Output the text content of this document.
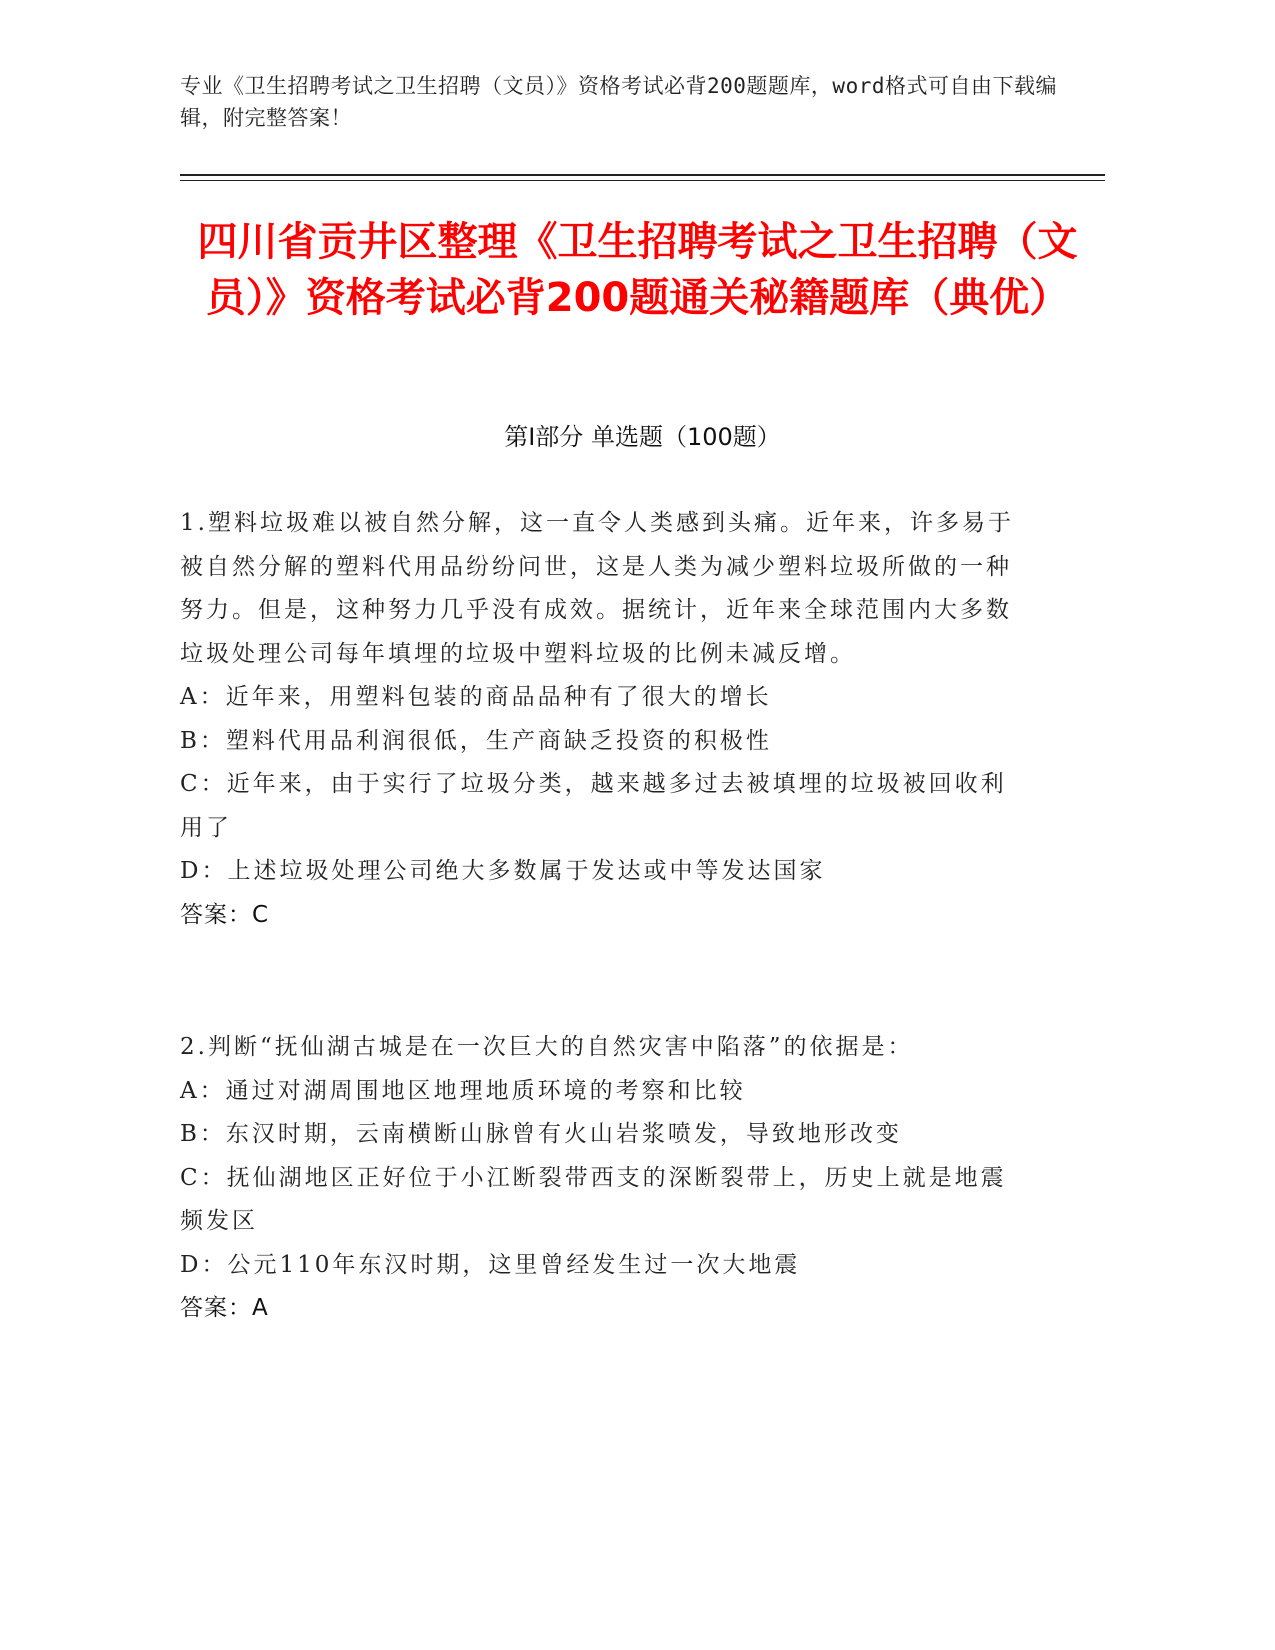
专业《卫生招聘考试之卫生招聘（文员）》资格考试必背200题题库，word格式可自由下载编辑，附完整答案！
四川省贡井区整理《卫生招聘考试之卫生招聘（文员）》资格考试必背200题通关秘籍题库（典优）
第Ⅰ部分 单选题（100题）

1.塑料垃圾难以被自然分解，这一直令人类感到头痛。近年来，许多易于被自然分解的塑料代用品纷纷问世，这是人类为减少塑料垃圾所做的一种努力。但是，这种努力几乎没有成效。据统计，近年来全球范围内大多数垃圾处理公司每年填埋的垃圾中塑料垃圾的比例未减反增。

A：近年来，用塑料包装的商品品种有了很大的增长

B：塑料代用品利润很低，生产商缺乏投资的积极性

C：近年来，由于实行了垃圾分类，越来越多过去被填埋的垃圾被回收利用了

D：上述垃圾处理公司绝大多数属于发达或中等发达国家

答案：C

2.判断“抚仙湖古城是在一次巨大的自然灾害中陷落”的依据是：

A：通过对湖周围地区地理地质环境的考察和比较

B：东汉时期，云南横断山脉曾有火山岩浆喷发，导致地形改变

C：抚仙湖地区正好位于小江断裂带西支的深断裂带上，历史上就是地震频发区

D：公元110年东汉时期，这里曾经发生过一次大地震

答案：A
